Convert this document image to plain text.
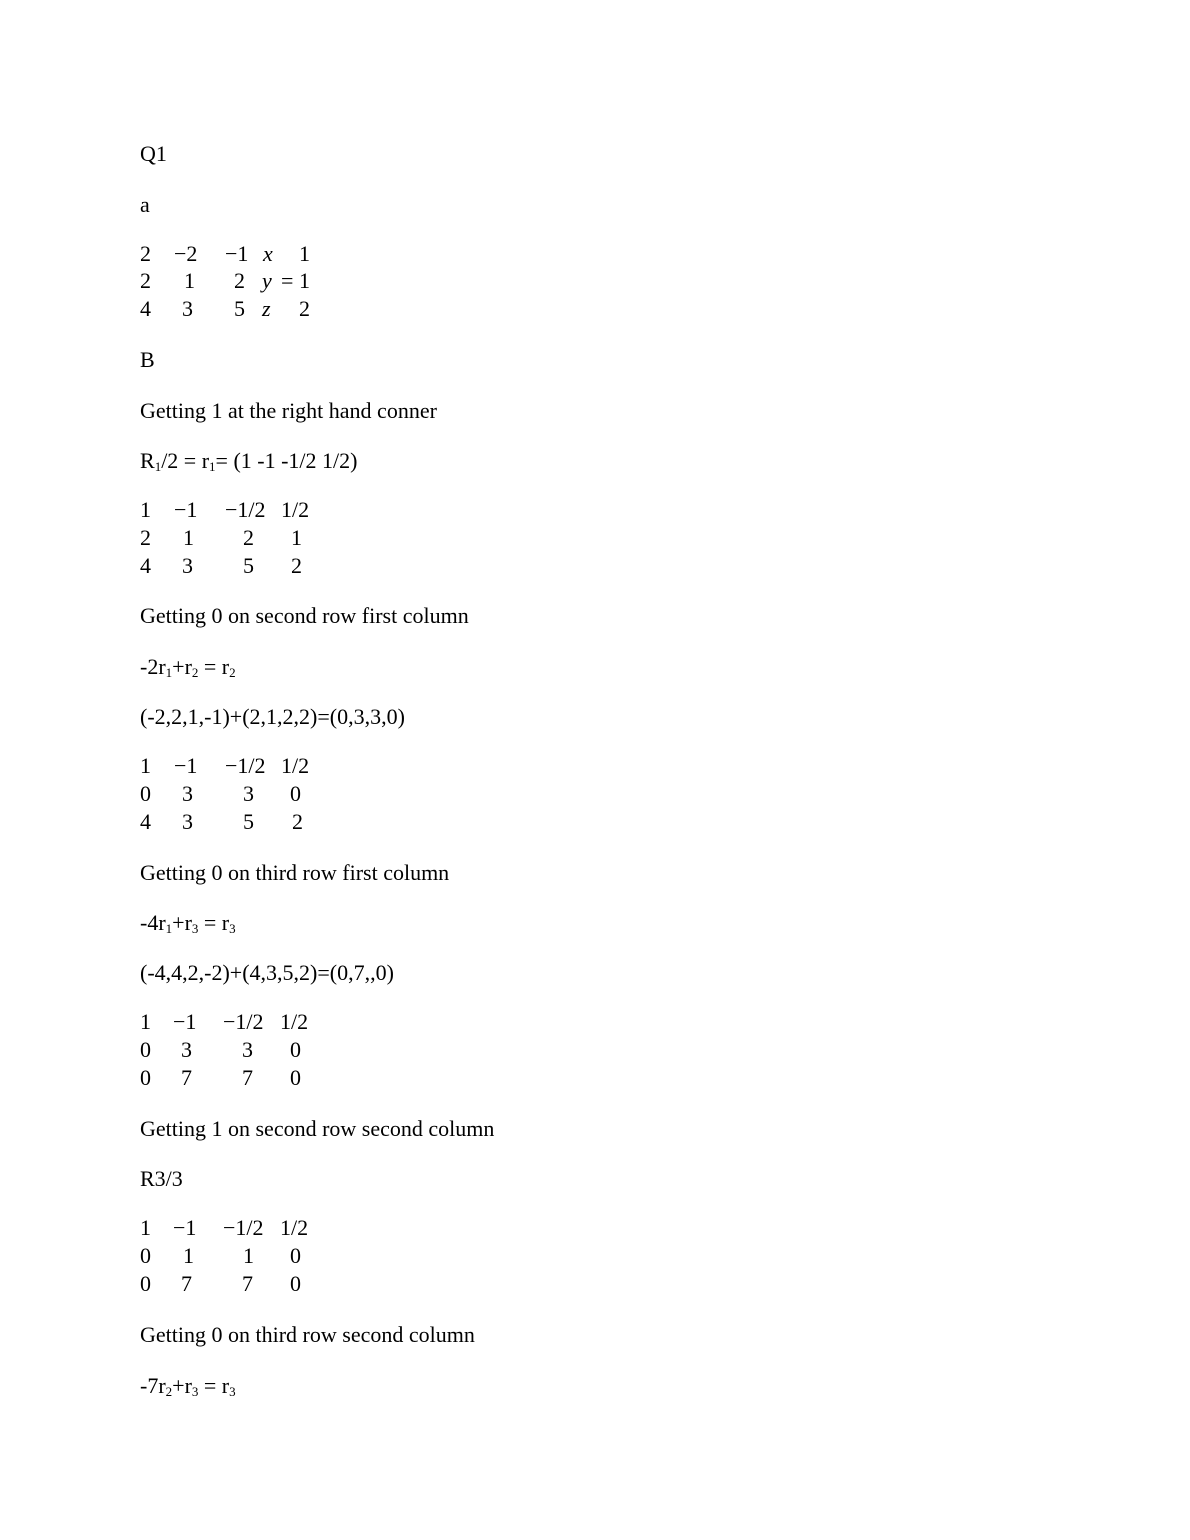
Q1
a
2 −2 −1 x 1
2 1 2 y = 1
4 3 5 z 2
B
Getting 1 at the right hand conner
$R_1/2 = r_1= (1$ -1 -1/2 1/2)
1 −1 −1/2 1/2
2 1 2 1
4 3 5 2
Getting 0 on second row first column
$-2r_1+r_2 = r_2$
(-2,2,1,-1)+(2,1,2,2)=(0,3,3,0)
1 −1 −1/2 1/2
0 3 3 0
4 3 5 2
Getting 0 on third row first column
$-4r_1+r_3 = r_3$
(-4,4,2,-2)+(4,3,5,2)=(0,7,,0)
1 −1 −1/2 1/2
0 3 3 0
0 7 7 0
Getting 1 on second row second column
R3/3
1 −1 −1/2 1/2
0 1 1 0
0 7 7 0
Getting 0 on third row second column
$-7r_2+r_3 = r_3$
